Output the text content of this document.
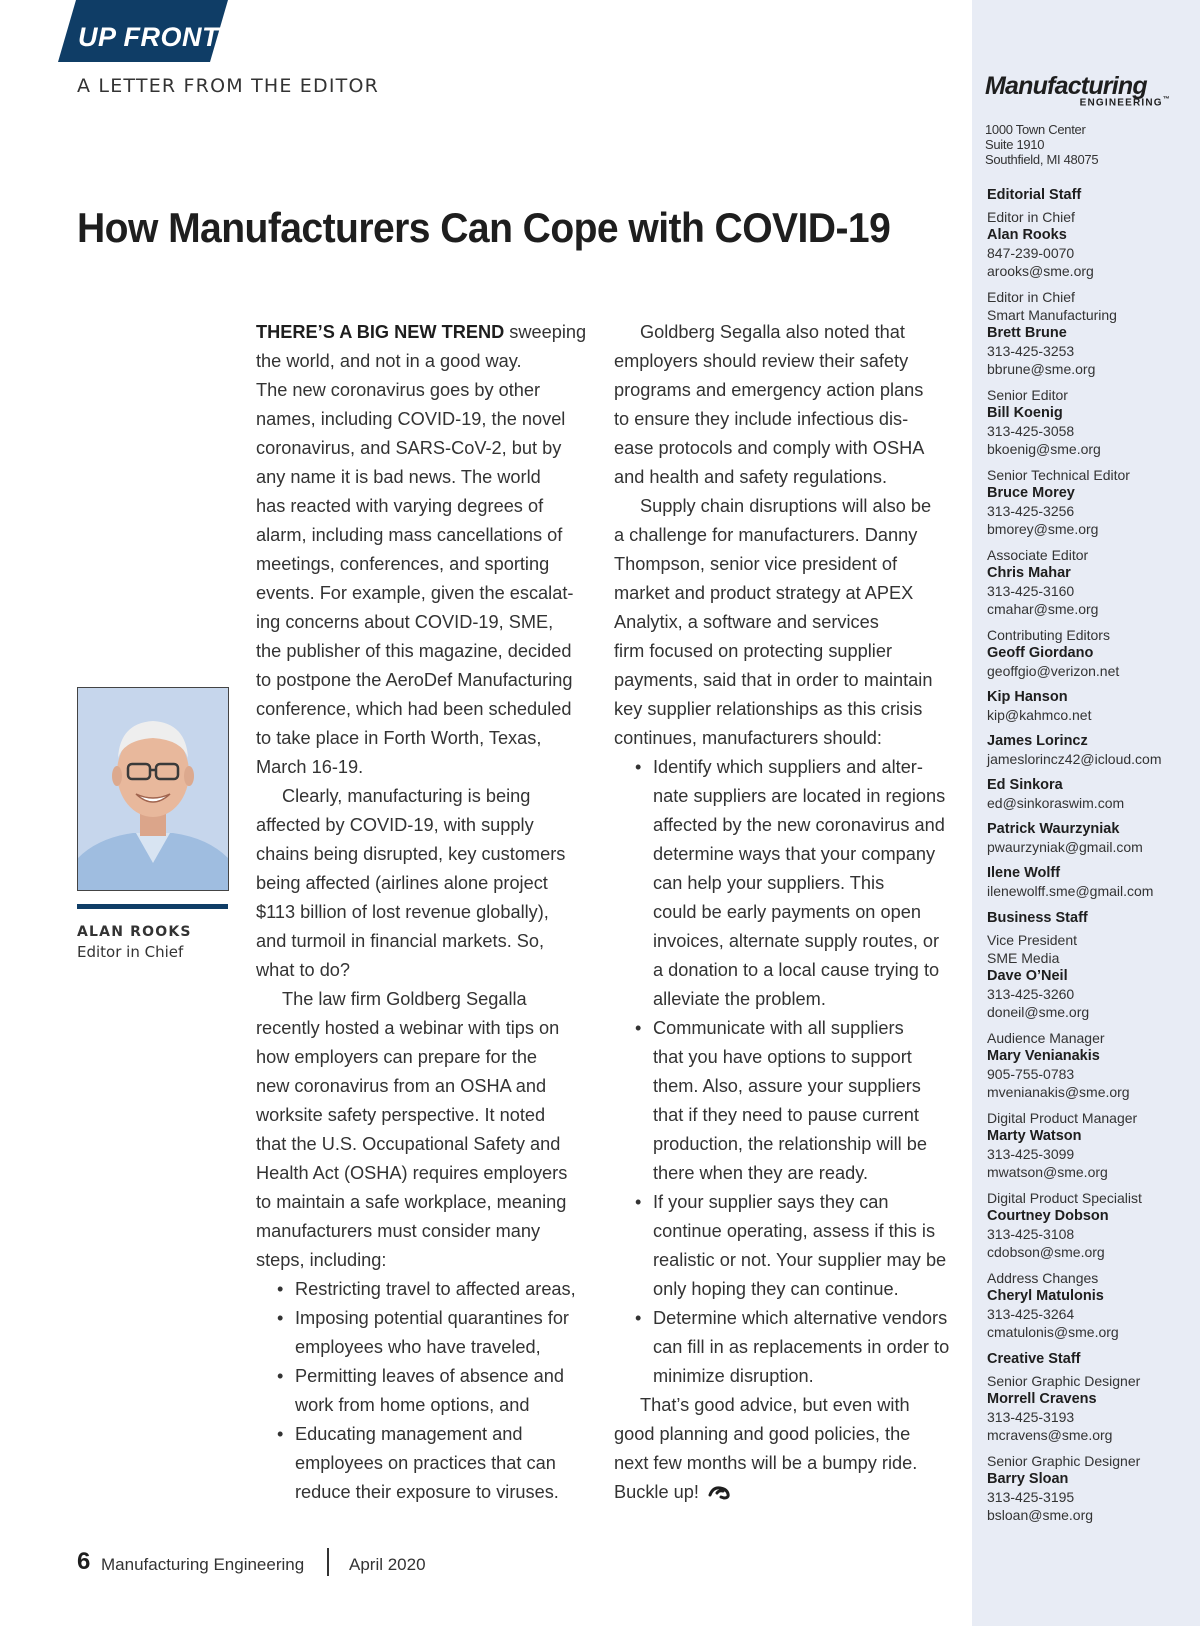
UP FRONT
A LETTER FROM THE EDITOR
How Manufacturers Can Cope with COVID-19
ALAN ROOKS
Editor in Chief

THERE’S A BIG NEW TREND sweeping

the world, and not in a good way.

The new coronavirus goes by other

names, including COVID-19, the novel

coronavirus, and SARS-CoV-2, but by

any name it is bad news. The world

has reacted with varying degrees of

alarm, including mass cancellations of

meetings, conferences, and sporting

events. For example, given the escalat-

ing concerns about COVID-19, SME,

the publisher of this magazine, decided

to postpone the AeroDef Manufacturing

conference, which had been scheduled

to take place in Forth Worth, Texas,

March 16-19.

Clearly, manufacturing is being

affected by COVID-19, with supply

chains being disrupted, key customers

being affected (airlines alone project

$113 billion of lost revenue globally),

and turmoil in financial markets. So,

what to do?

The law firm Goldberg Segalla

recently hosted a webinar with tips on

how employers can prepare for the

new coronavirus from an OSHA and

worksite safety perspective. It noted

that the U.S. Occupational Safety and

Health Act (OSHA) requires employers

to maintain a safe workplace, meaning

manufacturers must consider many

steps, including:

• Restricting travel to affected areas,
• Imposing potential quarantines for
employees who have traveled,
• Permitting leaves of absence and
work from home options, and
• Educating management and
employees on practices that can
reduce their exposure to viruses.

Goldberg Segalla also noted that

employers should review their safety

programs and emergency action plans

to ensure they include infectious dis-

ease protocols and comply with OSHA

and health and safety regulations.

Supply chain disruptions will also be

a challenge for manufacturers. Danny

Thompson, senior vice president of

market and product strategy at APEX

Analytix, a software and services

firm focused on protecting supplier

payments, said that in order to maintain

key supplier relationships as this crisis

continues, manufacturers should:

• Identify which suppliers and alter-
nate suppliers are located in regions
affected by the new coronavirus and
determine ways that your company
can help your suppliers. This
could be early payments on open
invoices, alternate supply routes, or
a donation to a local cause trying to
alleviate the problem.
• Communicate with all suppliers
that you have options to support
them. Also, assure your suppliers
that if they need to pause current
production, the relationship will be
there when they are ready.
• If your supplier says they can
continue operating, assess if this is
realistic or not. Your supplier may be
only hoping they can continue.
• Determine which alternative vendors
can fill in as replacements in order to
minimize disruption.

That’s good advice, but even with

good planning and good policies, the

next few months will be a bumpy ride.

Buckle up!

6 Manufacturing Engineering	April 2020
Manufacturing
ENGINEERING™
1000 Town Center
Suite 1910
Southfield, MI 48075
Editorial Staff
Editor in Chief
Alan Rooks
847-239-0070
arooks@sme.org
Editor in Chief
Smart Manufacturing
Brett Brune
313-425-3253
bbrune@sme.org
Senior Editor
Bill Koenig
313-425-3058
bkoenig@sme.org
Senior Technical Editor
Bruce Morey
313-425-3256
bmorey@sme.org
Associate Editor
Chris Mahar
313-425-3160
cmahar@sme.org
Contributing Editors
Geoff Giordano
geoffgio@verizon.net
Kip Hanson
kip@kahmco.net
James Lorincz
jameslorincz42@icloud.com
Ed Sinkora
ed@sinkoraswim.com
Patrick Waurzyniak
pwaurzyniak@gmail.com
Ilene Wolff
ilenewolff.sme@gmail.com
Business Staff
Vice President
SME Media
Dave O’Neil
313-425-3260
doneil@sme.org
Audience Manager
Mary Venianakis
905-755-0783
mvenianakis@sme.org
Digital Product Manager
Marty Watson
313-425-3099
mwatson@sme.org
Digital Product Specialist
Courtney Dobson
313-425-3108
cdobson@sme.org
Address Changes
Cheryl Matulonis
313-425-3264
cmatulonis@sme.org
Creative Staff
Senior Graphic Designer
Morrell Cravens
313-425-3193
mcravens@sme.org
Senior Graphic Designer
Barry Sloan
313-425-3195
bsloan@sme.org
